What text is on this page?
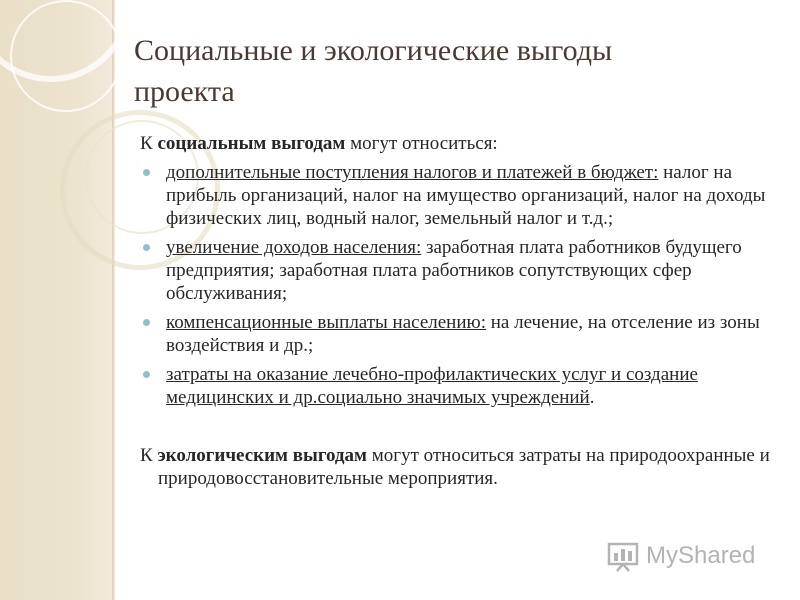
Социальные и экологические выгоды
проекта

К социальным выгодам могут относиться:

дополнительные поступления налогов и платежей в бюджет: налог на прибыль организаций, налог на имущество организаций, налог на доходы физических лиц, водный налог, земельный налог и т.д.;
увеличение доходов населения: заработная плата работников будущего предприятия; заработная плата работников сопутствующих сфер обслуживания;
компенсационные выплаты населению: на лечение, на отселение из зоны воздействия и др.;
затраты на оказание лечебно-профилактических услуг и создание медицинских и др.социально значимых учреждений.

К экологическим выгодам могут относиться затраты на природоохранные и природовосстановительные мероприятия.

MyShared
